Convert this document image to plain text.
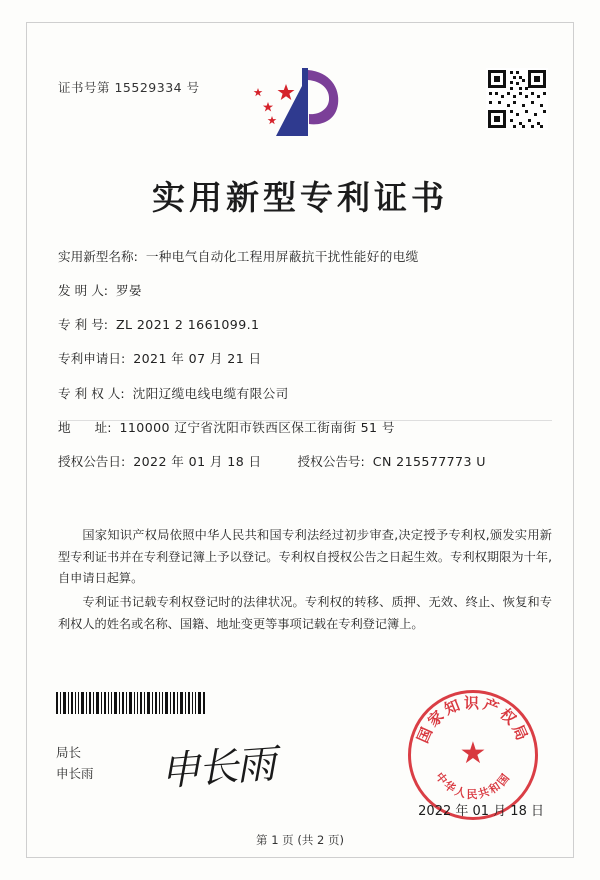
证书号第 15529334 号
实用新型专利证书
实用新型名称: 一种电气自动化工程用屏蔽抗干扰性能好的电缆
发 明 人: 罗晏
专 利 号: ZL 2021 2 1661099.1
专利申请日: 2021 年 07 月 21 日
专 利 权 人: 沈阳辽缆电线电缆有限公司
地      址: 110000 辽宁省沈阳市铁西区保工街南街 51 号
授权公告日: 2022 年 01 月 18 日	授权公告号: CN 215577773 U

国家知识产权局依照中华人民共和国专利法经过初步审查,决定授予专利权,颁发实用新型专利证书并在专利登记簿上予以登记。专利权自授权公告之日起生效。专利权期限为十年,自申请日起算。

专利证书记载专利权登记时的法律状况。专利权的转移、质押、无效、终止、恢复和专利权人的姓名或名称、国籍、地址变更等事项记载在专利登记簿上。

局长
申长雨 申长雨	★
国家知识产权局
中华人民共和国
2022 年 01 月 18 日
第 1 页 (共 2 页)
